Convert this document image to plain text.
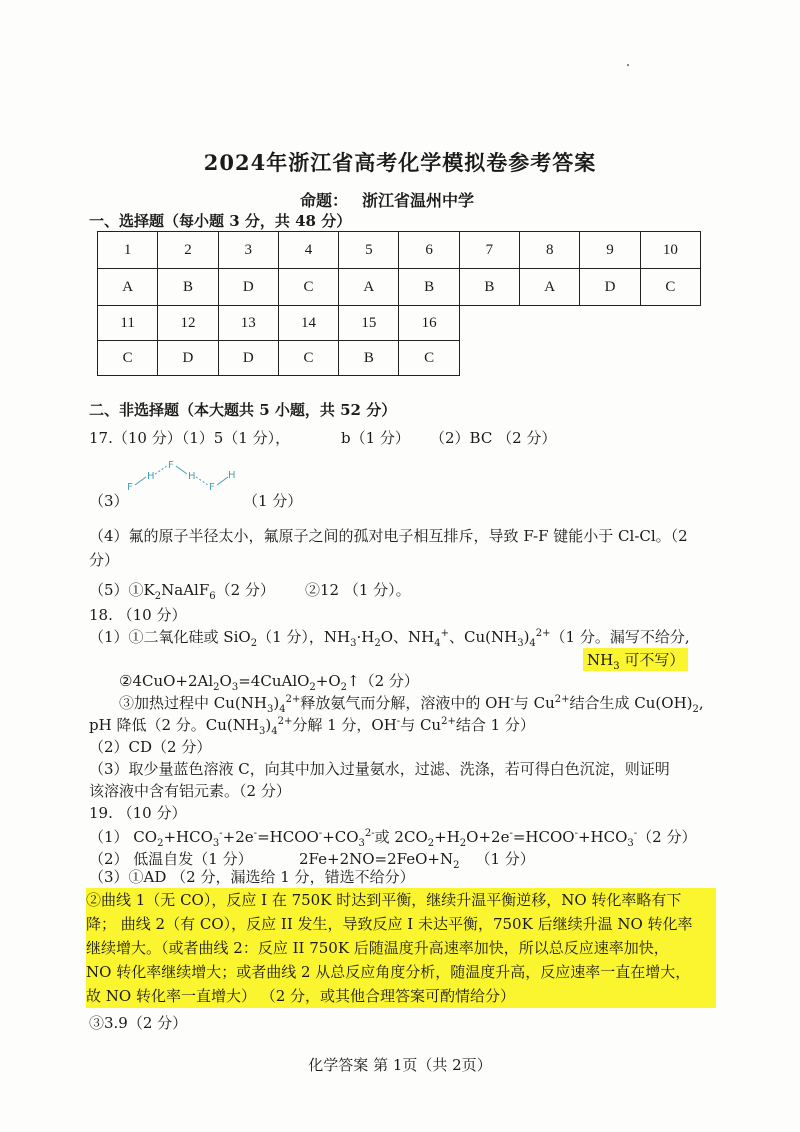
2024年浙江省高考化学模拟卷参考答案
命题： 浙江省温州中学
一、选择题（每小题 3 分，共 48 分）
1	2	3	4	5	6	7	8	9	10
A	B	D	C	A	B	B	A	D	C
11	12	13	14	15	16				
C	D	D	C	B	C				
二、非选择题（本大题共 5 小题，共 52 分）
17.（10 分）（1）5（1 分），	b（1 分） （2）BC （2 分）
（3）
F
H
F
H
F
H
（1 分）
（4）氟的原子半径太小，氟原子之间的孤对电子相互排斥，导致 F-F 键能小于 Cl-Cl。（2
分）
$(5)①K_2NaAlF_6(2$ 分） ②12 （1 分）。
18. （10 分）
（1）①二氧化硅或 SiO$_2$（1 分），$NH_3\cdot H_2O$、$NH_4^+$、$Cu(NH_3)_4^{2+}(1$ 分。漏写不给分,
$NH_3$ 可不写）
$②4CuO+2Al_2O_3=4CuAlO_2+O_2↑(2$ 分）
③加热过程中 $Cu(NH_3)_4^{2+}$释放氨气而分解，溶液中的 OH-与 $Cu^{2+}$结合生成 $Cu(OH)_2$,
pH 降低（2 分。$Cu(NH_3)_4^{2+}$分解 1 分，OH-与 $Cu^{2+}$结合 1 分）
（2）CD（2 分）
（3）取少量蓝色溶液 C，向其中加入过量氨水，过滤、洗涤，若可得白色沉淀，则证明
该溶液中含有铝元素。（2 分）
19. （10 分）
（1） $CO_2+HCO_3^-+2e^-=HCOO^-+CO_3^{2-}$或 $2CO_2+H_2O+2e^-=HCOO^-+HCO_3^-(2$ 分）
（2） 低温自发（1 分）	$2Fe+2NO=2FeO+N_2$ （1 分）
（3）①AD （2 分，漏选给 1 分，错选不给分）
②曲线 1（无 CO），反应 I 在 750K 时达到平衡，继续升温平衡逆移，NO 转化率略有下
降； 曲线 2（有 CO），反应 II 发生，导致反应 I 未达平衡，750K 后继续升温 NO 转化率
继续增大。（或者曲线 2：反应 II 750K 后随温度升高速率加快，所以总反应速率加快，
NO 转化率继续增大；或者曲线 2 从总反应角度分析，随温度升高，反应速率一直在增大，
故 NO 转化率一直增大） （2 分，或其他合理答案可酌情给分）
③3.9（2 分）
化学答案 第 1页（共 2页）
